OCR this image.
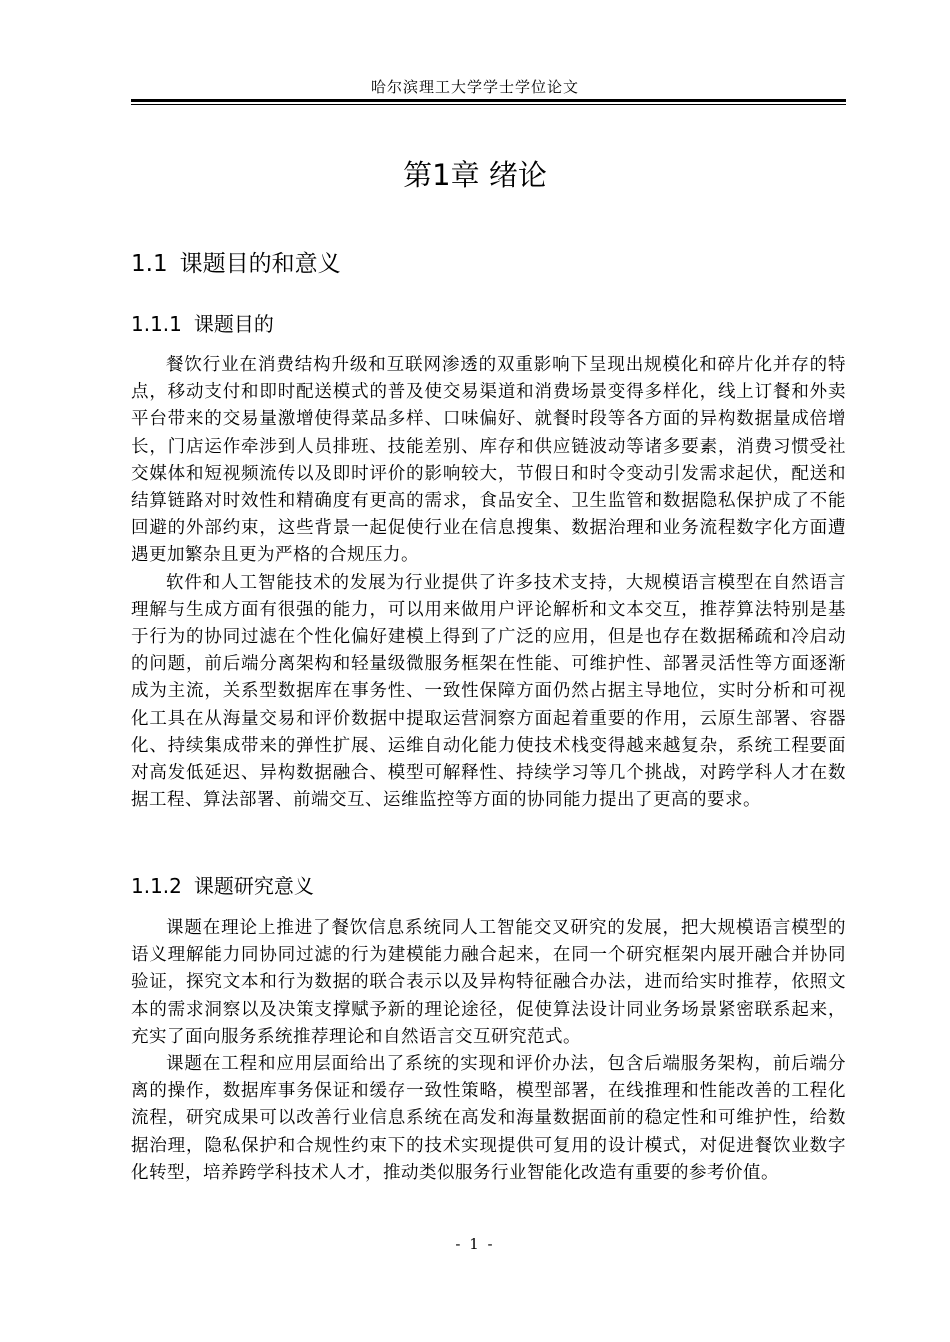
哈尔滨理工大学学士学位论文
第1章 绪论
1.1 课题目的和意义
1.1.1 课题目的

餐饮行业在消费结构升级和互联网渗透的双重影响下呈现出规模化和碎片化并存的特点，移动支付和即时配送模式的普及使交易渠道和消费场景变得多样化，线上订餐和外卖平台带来的交易量激增使得菜品多样、口味偏好、就餐时段等各方面的异构数据量成倍增长，门店运作牵涉到人员排班、技能差别、库存和供应链波动等诸多要素，消费习惯受社交媒体和短视频流传以及即时评价的影响较大，节假日和时令变动引发需求起伏，配送和结算链路对时效性和精确度有更高的需求，食品安全、卫生监管和数据隐私保护成了不能回避的外部约束，这些背景一起促使行业在信息搜集、数据治理和业务流程数字化方面遭遇更加繁杂且更为严格的合规压力。

软件和人工智能技术的发展为行业提供了许多技术支持，大规模语言模型在自然语言理解与生成方面有很强的能力，可以用来做用户评论解析和文本交互，推荐算法特别是基于行为的协同过滤在个性化偏好建模上得到了广泛的应用，但是也存在数据稀疏和冷启动的问题，前后端分离架构和轻量级微服务框架在性能、可维护性、部署灵活性等方面逐渐成为主流，关系型数据库在事务性、一致性保障方面仍然占据主导地位，实时分析和可视化工具在从海量交易和评价数据中提取运营洞察方面起着重要的作用，云原生部署、容器化、持续集成带来的弹性扩展、运维自动化能力使技术栈变得越来越复杂，系统工程要面对高发低延迟、异构数据融合、模型可解释性、持续学习等几个挑战，对跨学科人才在数据工程、算法部署、前端交互、运维监控等方面的协同能力提出了更高的要求。

1.1.2 课题研究意义

课题在理论上推进了餐饮信息系统同人工智能交叉研究的发展，把大规模语言模型的语义理解能力同协同过滤的行为建模能力融合起来，在同一个研究框架内展开融合并协同验证，探究文本和行为数据的联合表示以及异构特征融合办法，进而给实时推荐，依照文本的需求洞察以及决策支撑赋予新的理论途径，促使算法设计同业务场景紧密联系起来，充实了面向服务系统推荐理论和自然语言交互研究范式。

课题在工程和应用层面给出了系统的实现和评价办法，包含后端服务架构，前后端分离的操作，数据库事务保证和缓存一致性策略，模型部署，在线推理和性能改善的工程化流程，研究成果可以改善行业信息系统在高发和海量数据面前的稳定性和可维护性，给数据治理，隐私保护和合规性约束下的技术实现提供可复用的设计模式，对促进餐饮业数字化转型，培养跨学科技术人才，推动类似服务行业智能化改造有重要的参考价值。

- 1 -
